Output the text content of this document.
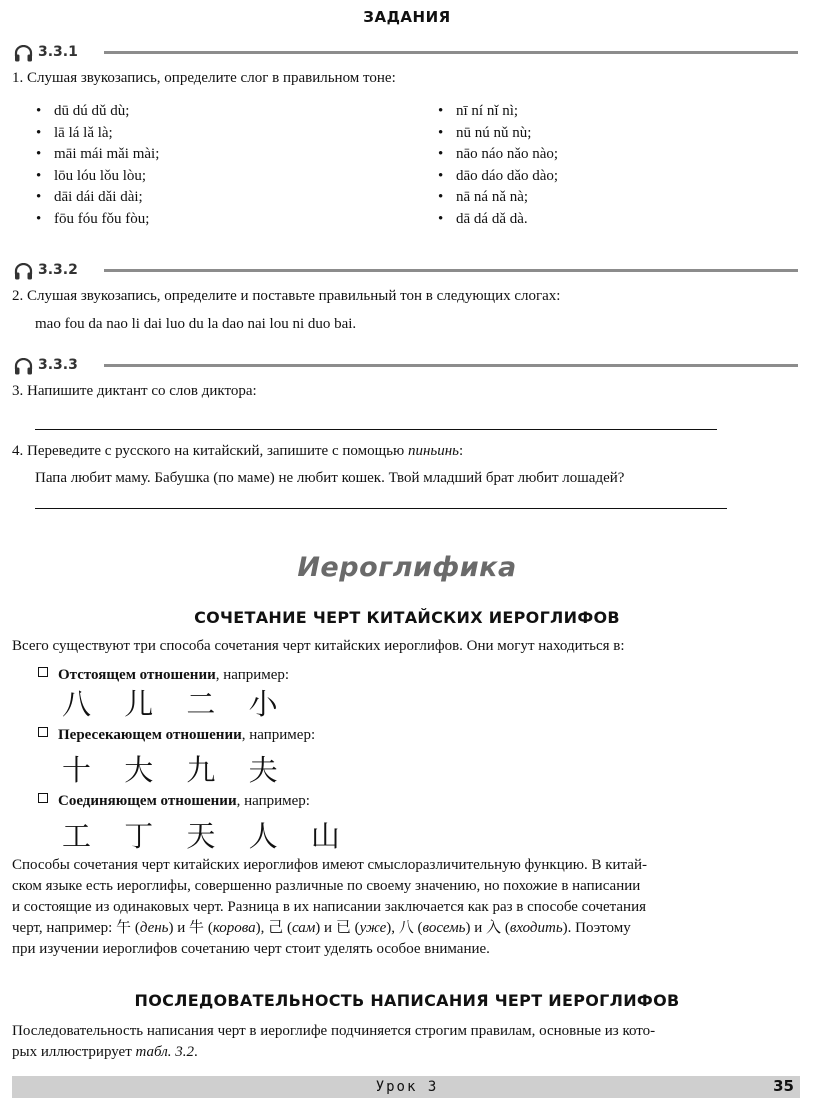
ЗАДАНИЯ
3.3.1
1. Слушая звукозапись, определите слог в правильном тоне:
• dū dú dǔ dù;
• lā lá lǎ là;
• māi mái mǎi mài;
• lōu lóu lǒu lòu;
• dāi dái dǎi dài;
• fōu fóu fǒu fòu;
• nī ní nǐ nì;
• nū nú nǔ nù;
• nāo náo nǎo nào;
• dāo dáo dǎo dào;
• nā ná nǎ nà;
• dā dá dǎ dà.
3.3.2
2. Слушая звукозапись, определите и поставьте правильный тон в следующих слогах:
mao fou da nao li dai luo du la dao nai lou ni duo bai.
3.3.3
3. Напишите диктант со слов диктора:
4. Переведите с русского на китайский, запишите с помощью пиньинь:
Папа любит маму. Бабушка (по маме) не любит кошек. Твой младший брат любит лошадей?
Иероглифика
СОЧЕТАНИЕ ЧЕРТ КИТАЙСКИХ ИЕРОГЛИФОВ
Всего существуют три способа сочетания черт китайских иероглифов. Они могут находиться в:
Отстоящем отношении, например:
八 儿 二 小
Пересекающем отношении, например:
十 大 九 夫
Соединяющем отношении, например:
工 丁 天 人 山
Способы сочетания черт китайских иероглифов имеют смыслоразличительную функцию. В китай-
ском языке есть иероглифы, совершенно различные по своему значению, но похожие в написании
и состоящие из одинаковых черт. Разница в их написании заключается как раз в способе сочетания
черт, например: 午 (день) и 牛 (корова), 己 (сам) и 已 (уже), 八 (восемь) и 入 (входить). Поэтому
при изучении иероглифов сочетанию черт стоит уделять особое внимание.
ПОСЛЕДОВАТЕЛЬНОСТЬ НАПИСАНИЯ ЧЕРТ ИЕРОГЛИФОВ
Последовательность написания черт в иероглифе подчиняется строгим правилам, основные из кото-
рых иллюстрирует табл. 3.2.
Урок 3	35
